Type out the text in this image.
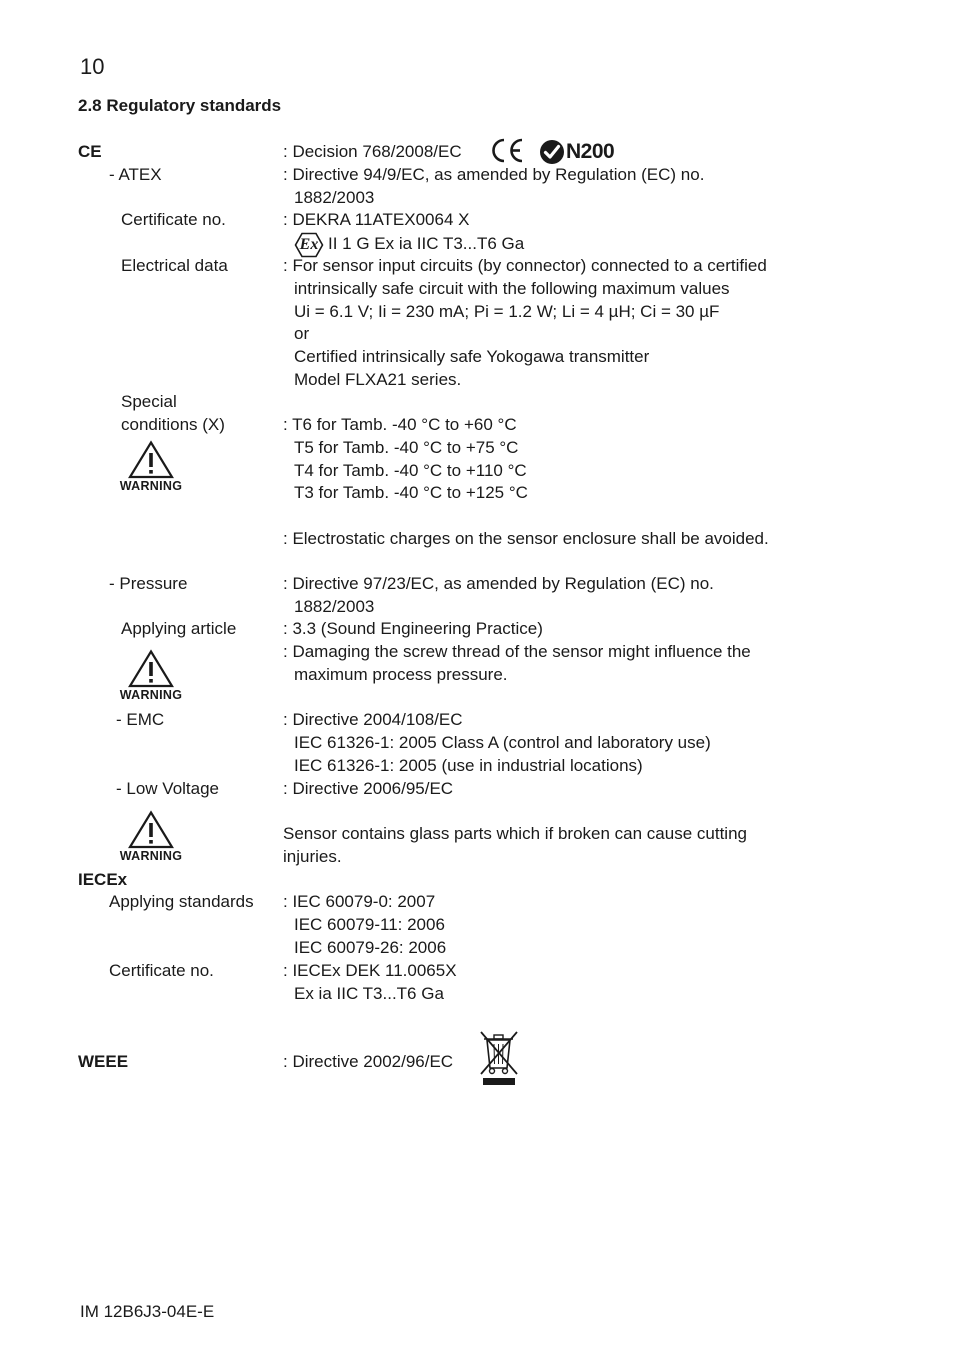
10
2.8 Regulatory standards
CE	: Decision 768/2008/EC	N200
- ATEX	: Directive 94/9/EC, as amended by Regulation (EC) no.
1882/2003
Certificate no.	: DEKRA 11ATEX0064 X
Ex II 1 G Ex ia IIC T3...T6 Ga
Electrical data	: For sensor input circuits (by connector) connected to a certified
intrinsically safe circuit with the following maximum values
Ui = 6.1 V; Ii = 230 mA; Pi = 1.2 W; Li = 4 µH; Ci = 30 µF
or
Certified intrinsically safe Yokogawa transmitter
Model FLXA21 series.
Special
conditions (X)	: T6 for Tamb. -40 °C to +60 °C
T5 for Tamb. -40 °C to +75 °C
T4 for Tamb. -40 °C to +110 °C
T3 for Tamb. -40 °C to +125 °C
WARNING
: Electrostatic charges on the sensor enclosure shall be avoided.
- Pressure	: Directive 97/23/EC, as amended by Regulation (EC) no.
1882/2003
Applying article	: 3.3 (Sound Engineering Practice)
: Damaging the screw thread of the sensor might influence the
maximum process pressure.
WARNING
- EMC	: Directive 2004/108/EC
IEC 61326-1: 2005 Class A (control and laboratory use)
IEC 61326-1: 2005 (use in industrial locations)
- Low Voltage	: Directive 2006/95/EC
WARNING
Sensor contains glass parts which if broken can cause cutting
injuries.
IECEx
Applying standards : IEC 60079-0: 2007
IEC 60079-11: 2006
IEC 60079-26: 2006
Certificate no.	: IECEx DEK 11.0065X
Ex ia IIC T3...T6 Ga
WEEE	: Directive 2002/96/EC
IM 12B6J3-04E-E
